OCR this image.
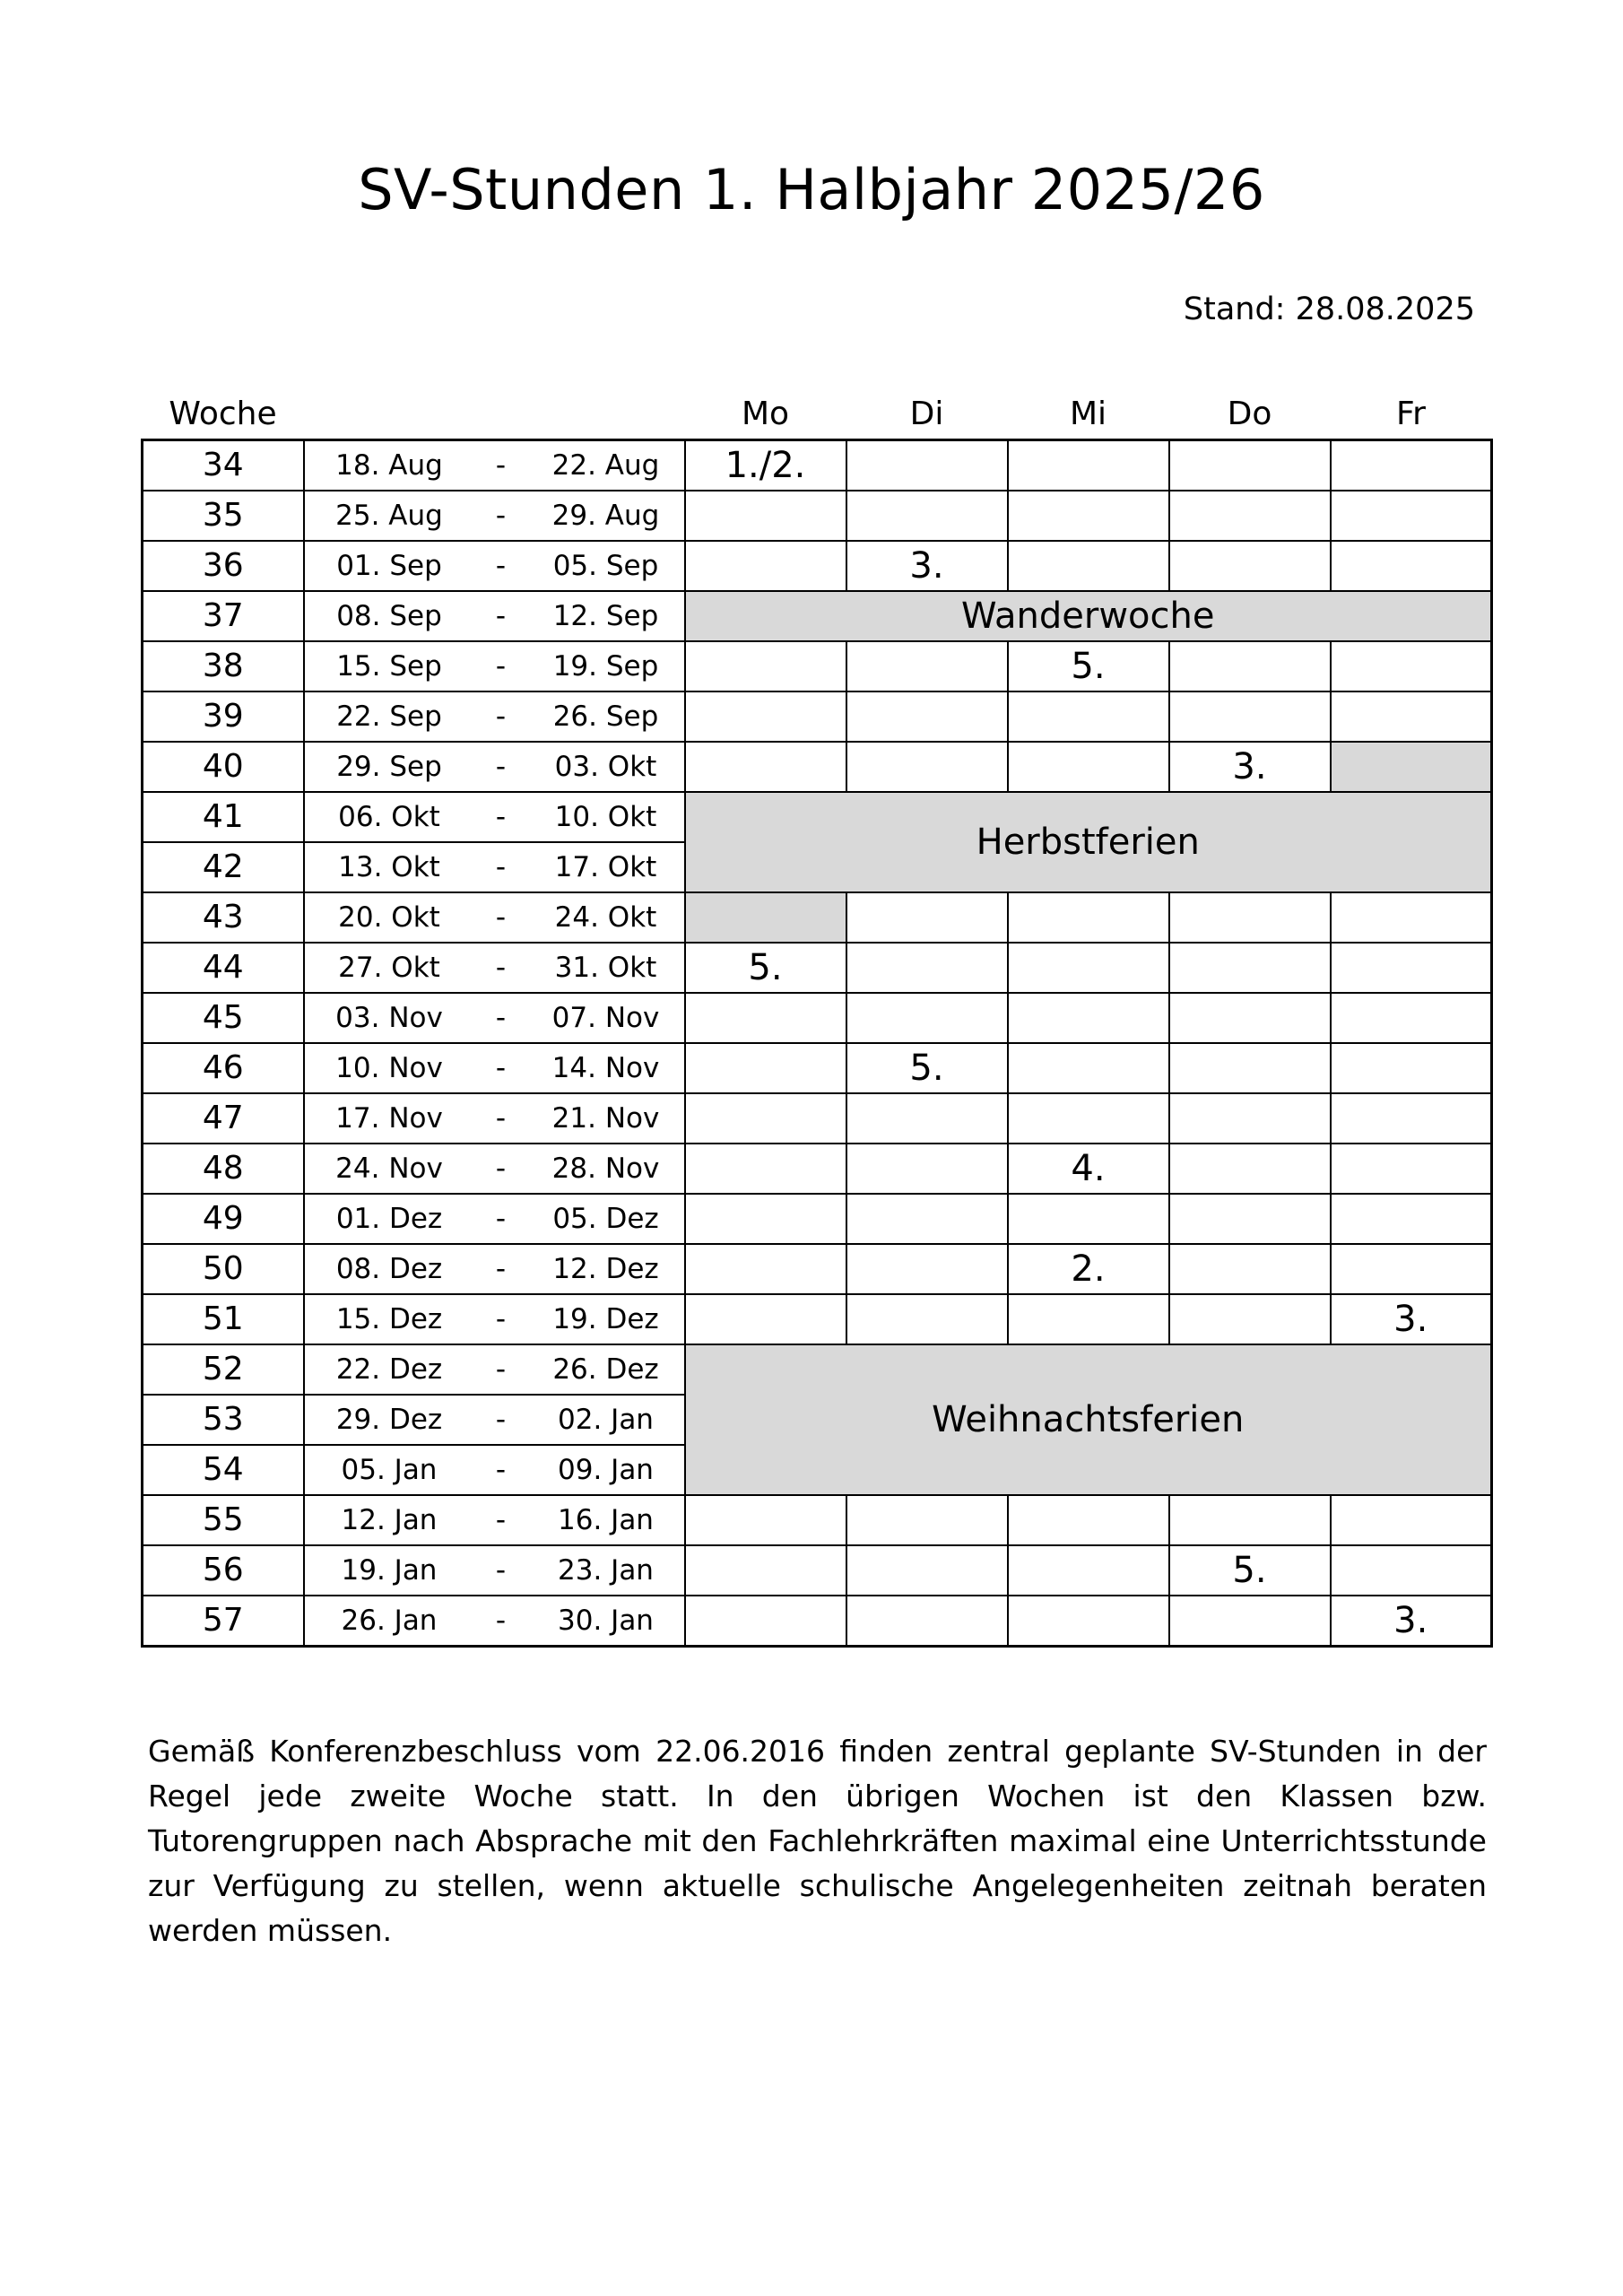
SV-Stunden 1. Halbjahr 2025/26
Stand: 28.08.2025
Woche				Mo	Di	Mi	Do	Fr
34	18. Aug	-	22. Aug	1./2.				
35	25. Aug	-	29. Aug					
36	01. Sep	-	05. Sep		3.			
37	08. Sep	-	12. Sep	Wanderwoche				
38	15. Sep	-	19. Sep			5.		
39	22. Sep	-	26. Sep					
40	29. Sep	-	03. Okt				3.	
41	06. Okt	-	10. Okt	Herbstferien				
42	13. Okt	-	17. Okt					
43	20. Okt	-	24. Okt					
44	27. Okt	-	31. Okt	5.				
45	03. Nov	-	07. Nov					
46	10. Nov	-	14. Nov		5.			
47	17. Nov	-	21. Nov					
48	24. Nov	-	28. Nov			4.		
49	01. Dez	-	05. Dez					
50	08. Dez	-	12. Dez			2.		
51	15. Dez	-	19. Dez					3.
52	22. Dez	-	26. Dez	Weihnachtsferien				
53	29. Dez	-	02. Jan					
54	05. Jan	-	09. Jan					
55	12. Jan	-	16. Jan					
56	19. Jan	-	23. Jan				5.	
57	26. Jan	-	30. Jan					3.
Gemäß Konferenzbeschluss vom 22.06.2016 finden zentral geplante SV-Stunden in der Regel jede zweite Woche statt. In den übrigen Wochen ist den Klassen bzw. Tutorengruppen nach Absprache mit den Fachlehrkräften maximal eine Unterrichtsstunde zur Verfügung zu stellen, wenn aktuelle schulische Angelegenheiten zeitnah beraten werden müssen.
